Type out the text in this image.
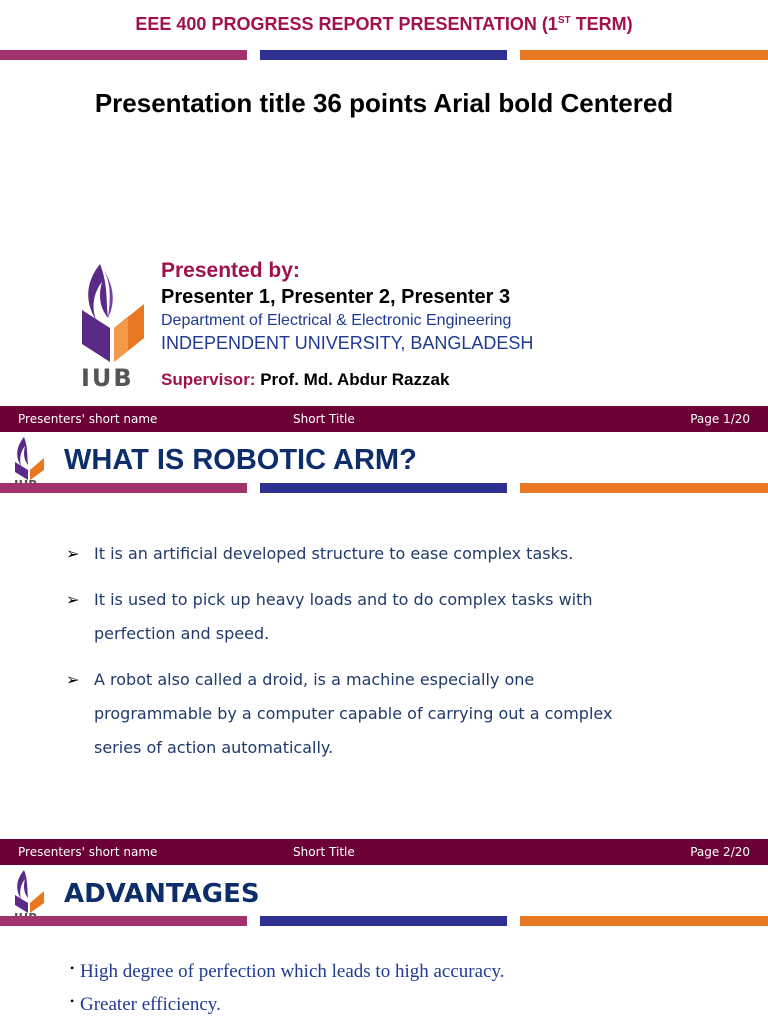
EEE 400 PROGRESS REPORT PRESENTATION (1ST TERM)
Presentation title 36 points Arial bold Centered
IUB
Presented by:
Presenter 1, Presenter 2, Presenter 3
Department of Electrical & Electronic Engineering
INDEPENDENT UNIVERSITY, BANGLADESH
Supervisor: Prof. Md. Abdur Razzak
Presenters' short name	Short Title	Page 1/20
WHAT IS ROBOTIC ARM?
➢ It is an artificial developed structure to ease complex tasks.
➢ It is used to pick up heavy loads and to do complex tasks with perfection and speed.
➢ A robot also called a droid, is a machine especially one programmable by a computer capable of carrying out a complex series of action automatically.
Presenters' short name	Short Title	Page 2/20
ADVANTAGES
• High degree of perfection which leads to high accuracy.
• Greater efficiency.
